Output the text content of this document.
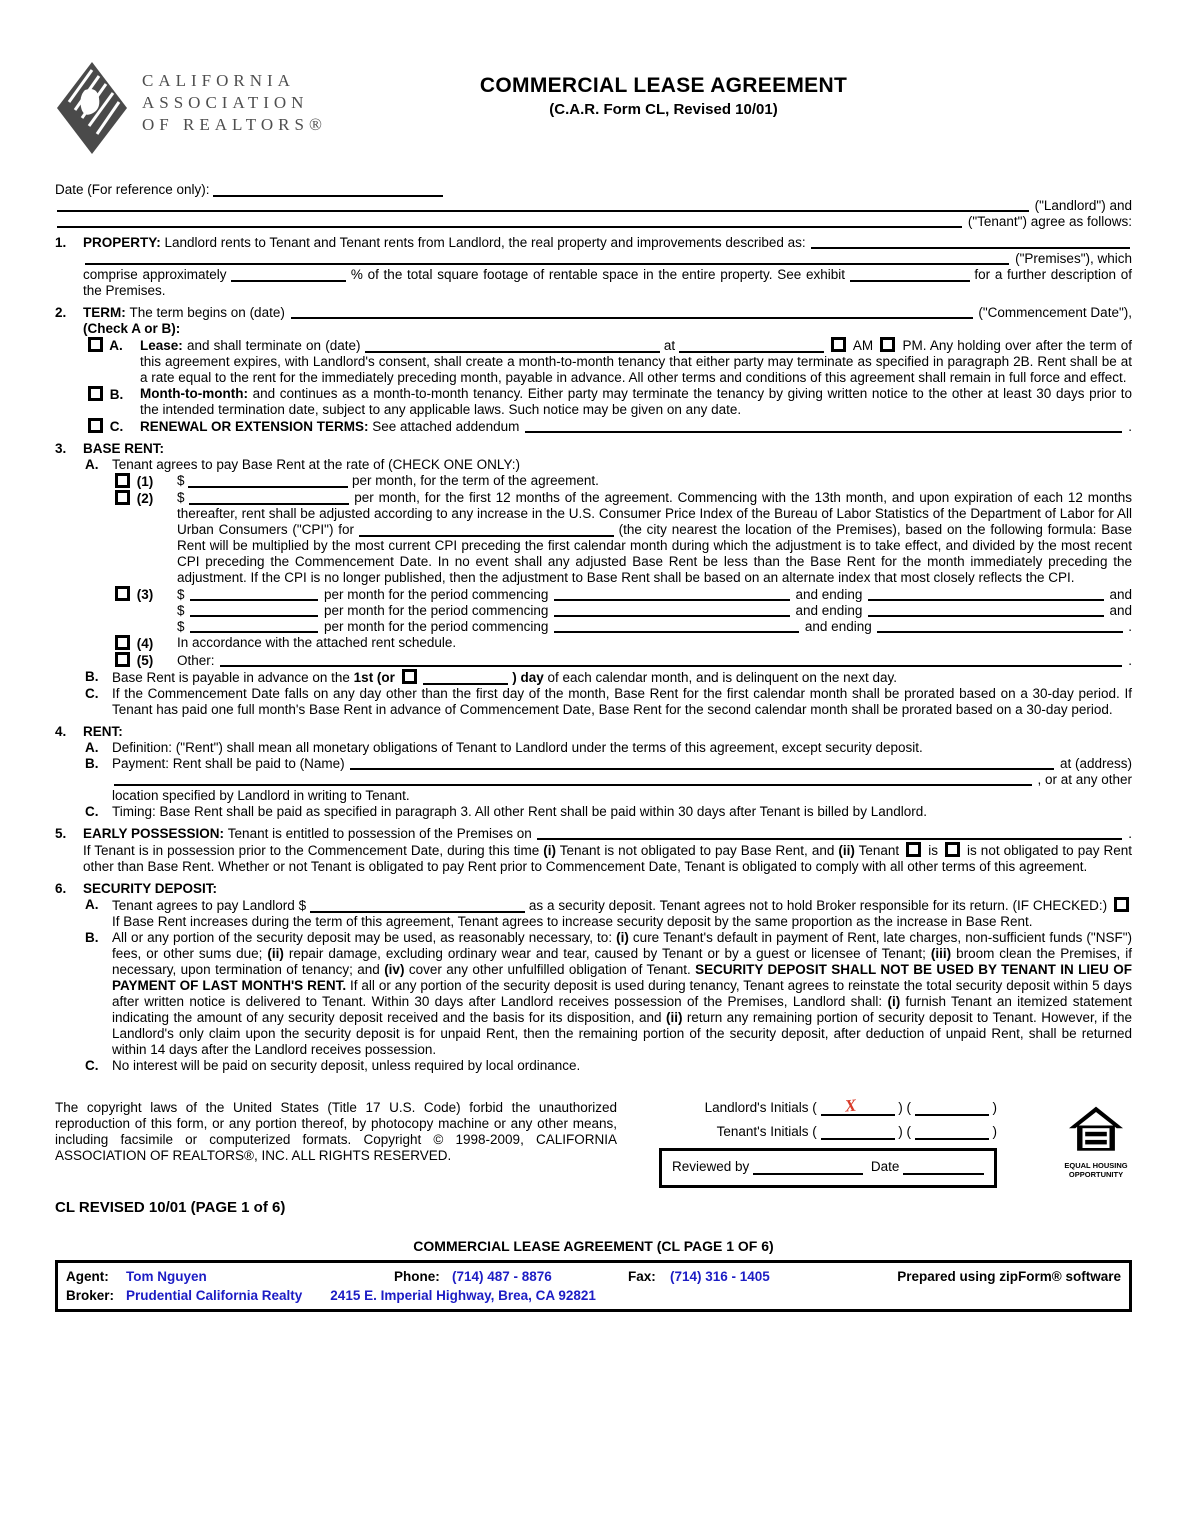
CALIFORNIA
ASSOCIATION
OF REALTORS®
COMMERCIAL LEASE AGREEMENT
(C.A.R. Form CL, Revised 10/01)
Date (For reference only):
("Landlord") and
("Tenant") agree as follows:
1.	PROPERTY: Landlord rents to Tenant and Tenant rents from Landlord, the real property and improvements described as:
("Premises"), which
comprise approximately	% of the total square footage of rentable space in the entire property. See exhibit	for a further description of the Premises.
2.	TERM: The term begins on (date)	("Commencement Date"),
(Check A or B):
A.	Lease: and shall terminate on (date)	at	AM  PM. Any holding over after the term of this agreement expires, with Landlord's consent, shall create a month-to-month tenancy that either party may terminate as specified in paragraph 2B. Rent shall be at a rate equal to the rent for the immediately preceding month, payable in advance. All other terms and conditions of this agreement shall remain in full force and effect.
B.	Month-to-month: and continues as a month-to-month tenancy. Either party may terminate the tenancy by giving written notice to the other at least 30 days prior to the intended termination date, subject to any applicable laws. Such notice may be given on any date.
C.	RENEWAL OR EXTENSION TERMS: See attached addendum	.
3.	BASE RENT:
A.	Tenant agrees to pay Base Rent at the rate of (CHECK ONE ONLY:)
(1)	$	per month, for the term of the agreement.
(2)	$	per month, for the first 12 months of the agreement. Commencing with the 13th month, and upon expiration of each 12 months thereafter, rent shall be adjusted according to any increase in the U.S. Consumer Price Index of the Bureau of Labor Statistics of the Department of Labor for All Urban Consumers ("CPI") for	(the city nearest the location of the Premises), based on the following formula: Base Rent will be multiplied by the most current CPI preceding the first calendar month during which the adjustment is to take effect, and divided by the most recent CPI preceding the Commencement Date. In no event shall any adjusted Base Rent be less than the Base Rent for the month immediately preceding the adjustment. If the CPI is no longer published, then the adjustment to Base Rent shall be based on an alternate index that most closely reflects the CPI.
(3)	$	per month for the period commencing	and ending	and
$	per month for the period commencing	and ending	and
$	per month for the period commencing	and ending	.
(4)	In accordance with the attached rent schedule.
(5)	Other:	.
B.	Base Rent is payable in advance on the 1st (or	) day of each calendar month, and is delinquent on the next day.
C.	If the Commencement Date falls on any day other than the first day of the month, Base Rent for the first calendar month shall be prorated based on a 30-day period. If Tenant has paid one full month's Base Rent in advance of Commencement Date, Base Rent for the second calendar month shall be prorated based on a 30-day period.
4.	RENT:
A.	Definition: ("Rent") shall mean all monetary obligations of Tenant to Landlord under the terms of this agreement, except security deposit.
B.	Payment: Rent shall be paid to (Name)	at (address)
, or at any other
location specified by Landlord in writing to Tenant.
C.	Timing: Base Rent shall be paid as specified in paragraph 3. All other Rent shall be paid within 30 days after Tenant is billed by Landlord.
5.	EARLY POSSESSION: Tenant is entitled to possession of the Premises on	.
If Tenant is in possession prior to the Commencement Date, during this time (i) Tenant is not obligated to pay Base Rent, and (ii) Tenant  is  is not obligated to pay Rent other than Base Rent. Whether or not Tenant is obligated to pay Rent prior to Commencement Date, Tenant is obligated to comply with all other terms of this agreement.
6.	SECURITY DEPOSIT:
A.	Tenant agrees to pay Landlord $	as a security deposit. Tenant agrees not to hold Broker responsible for its return. (IF CHECKED:)  If Base Rent increases during the term of this agreement, Tenant agrees to increase security deposit by the same proportion as the increase in Base Rent.
B.	All or any portion of the security deposit may be used, as reasonably necessary, to: (i) cure Tenant's default in payment of Rent, late charges, non-sufficient funds ("NSF") fees, or other sums due; (ii) repair damage, excluding ordinary wear and tear, caused by Tenant or by a guest or licensee of Tenant; (iii) broom clean the Premises, if necessary, upon termination of tenancy; and (iv) cover any other unfulfilled obligation of Tenant. SECURITY DEPOSIT SHALL NOT BE USED BY TENANT IN LIEU OF PAYMENT OF LAST MONTH'S RENT. If all or any portion of the security deposit is used during tenancy, Tenant agrees to reinstate the total security deposit within 5 days after written notice is delivered to Tenant. Within 30 days after Landlord receives possession of the Premises, Landlord shall: (i) furnish Tenant an itemized statement indicating the amount of any security deposit received and the basis for its disposition, and (ii) return any remaining portion of security deposit to Tenant. However, if the Landlord's only claim upon the security deposit is for unpaid Rent, then the remaining portion of the security deposit, after deduction of unpaid Rent, shall be returned within 14 days after the Landlord receives possession.
C.	No interest will be paid on security deposit, unless required by local ordinance.
The copyright laws of the United States (Title 17 U.S. Code) forbid the unauthorized reproduction of this form, or any portion thereof, by photocopy machine or any other means, including facsimile or computerized formats. Copyright © 1998-2009, CALIFORNIA ASSOCIATION OF REALTORS®, INC. ALL RIGHTS RESERVED.
Landlord's Initials ( X	) (	)
Tenant's Initials (	) (	)
Reviewed by	Date	EQUAL HOUSING
OPPORTUNITY
CL REVISED 10/01 (PAGE 1 of 6)
COMMERCIAL LEASE AGREEMENT (CL PAGE 1 OF 6)
Agent:	Tom Nguyen	Phone: (714) 487 - 8876	Fax:	(714) 316 - 1405	Prepared using zipForm® software
Broker: Prudential California Realty 2415 E. Imperial Highway, Brea, CA 92821
